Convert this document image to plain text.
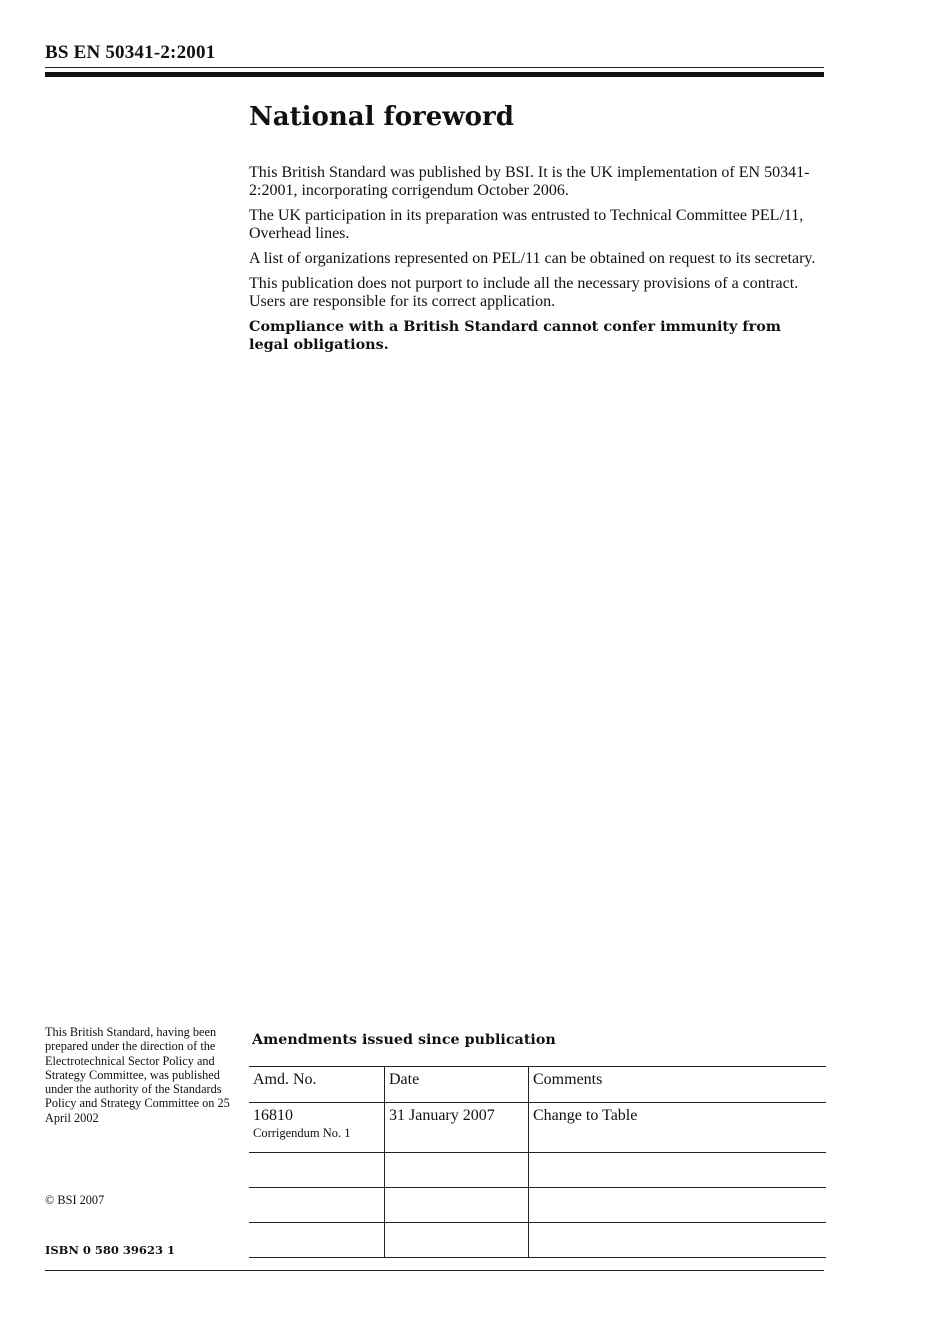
BS EN 50341-2:2001
National foreword

This British Standard was published by BSI. It is the UK implementation of EN 50341-2:2001, incorporating corrigendum October 2006.

The UK participation in its preparation was entrusted to Technical Committee PEL/11, Overhead lines.

A list of organizations represented on PEL/11 can be obtained on request to its secretary.

This publication does not purport to include all the necessary provisions of a contract. Users are responsible for its correct application.

Compliance with a British Standard cannot confer immunity from legal obligations.

This British Standard, having been prepared under the direction of the Electrotechnical Sector Policy and Strategy Committee, was published under the authority of the Standards Policy and Strategy Committee on 25 April 2002
© BSI 2007
ISBN 0 580 39623 1
Amendments issued since publication
Amd. No.	Date	Comments
16810
Corrigendum No. 1	31 January 2007	Change to Table
